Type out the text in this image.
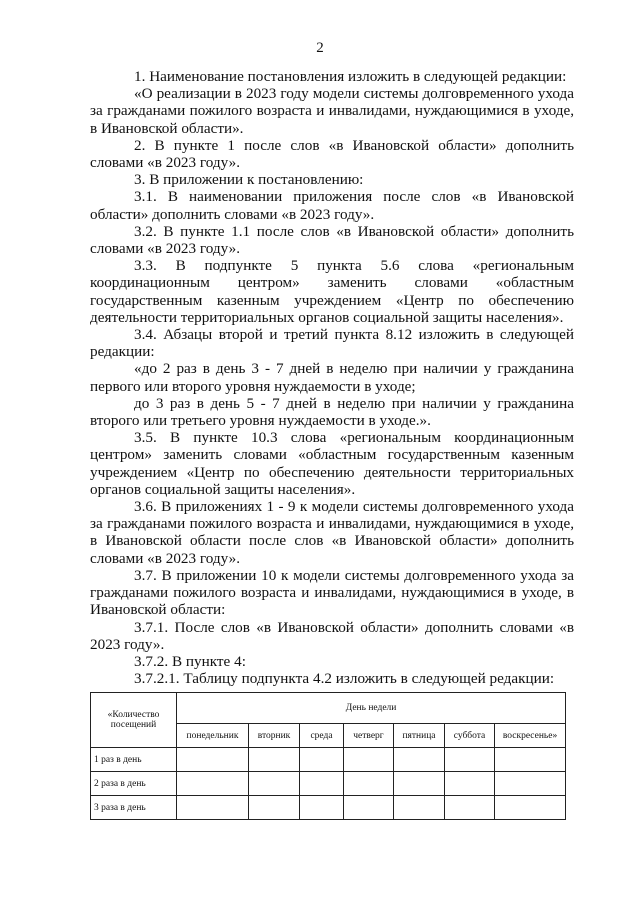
2

1. Наименование постановления изложить в следующей редакции:

«О реализации в 2023 году модели системы долговременного ухода за гражданами пожилого возраста и инвалидами, нуждающимися в уходе, в Ивановской области».

2. В пункте 1 после слов «в Ивановской области» дополнить словами «в 2023 году».

3. В приложении к постановлению:

3.1. В наименовании приложения после слов «в Ивановской области» дополнить словами «в 2023 году».

3.2. В пункте 1.1 после слов «в Ивановской области» дополнить словами «в 2023 году».

3.3. В подпункте 5 пункта 5.6 слова «региональным координационным центром» заменить словами «областным государственным казенным учреждением «Центр по обеспечению деятельности территориальных органов социальной защиты населения».

3.4. Абзацы второй и третий пункта 8.12 изложить в следующей редакции:

«до 2 раз в день 3 - 7 дней в неделю при наличии у гражданина первого или второго уровня нуждаемости в уходе;

до 3 раз в день 5 - 7 дней в неделю при наличии у гражданина второго или третьего уровня нуждаемости в уходе.».

3.5. В пункте 10.3 слова «региональным координационным центром» заменить словами «областным государственным казенным учреждением «Центр по обеспечению деятельности территориальных органов социальной защиты населения».

3.6. В приложениях 1 - 9 к модели системы долговременного ухода за гражданами пожилого возраста и инвалидами, нуждающимися в уходе, в Ивановской области после слов «в Ивановской области» дополнить словами «в 2023 году».

3.7. В приложении 10 к модели системы долговременного ухода за гражданами пожилого возраста и инвалидами, нуждающимися в уходе, в Ивановской области:

3.7.1. После слов «в Ивановской области» дополнить словами «в 2023 году».

3.7.2. В пункте 4:

3.7.2.1. Таблицу подпункта 4.2 изложить в следующей редакции:

«Количество посещений	День недели						
	понедельник	вторник	среда	четверг	пятница	суббота	воскресенье»
1 раз в день							
2 раза в день							
3 раза в день							
